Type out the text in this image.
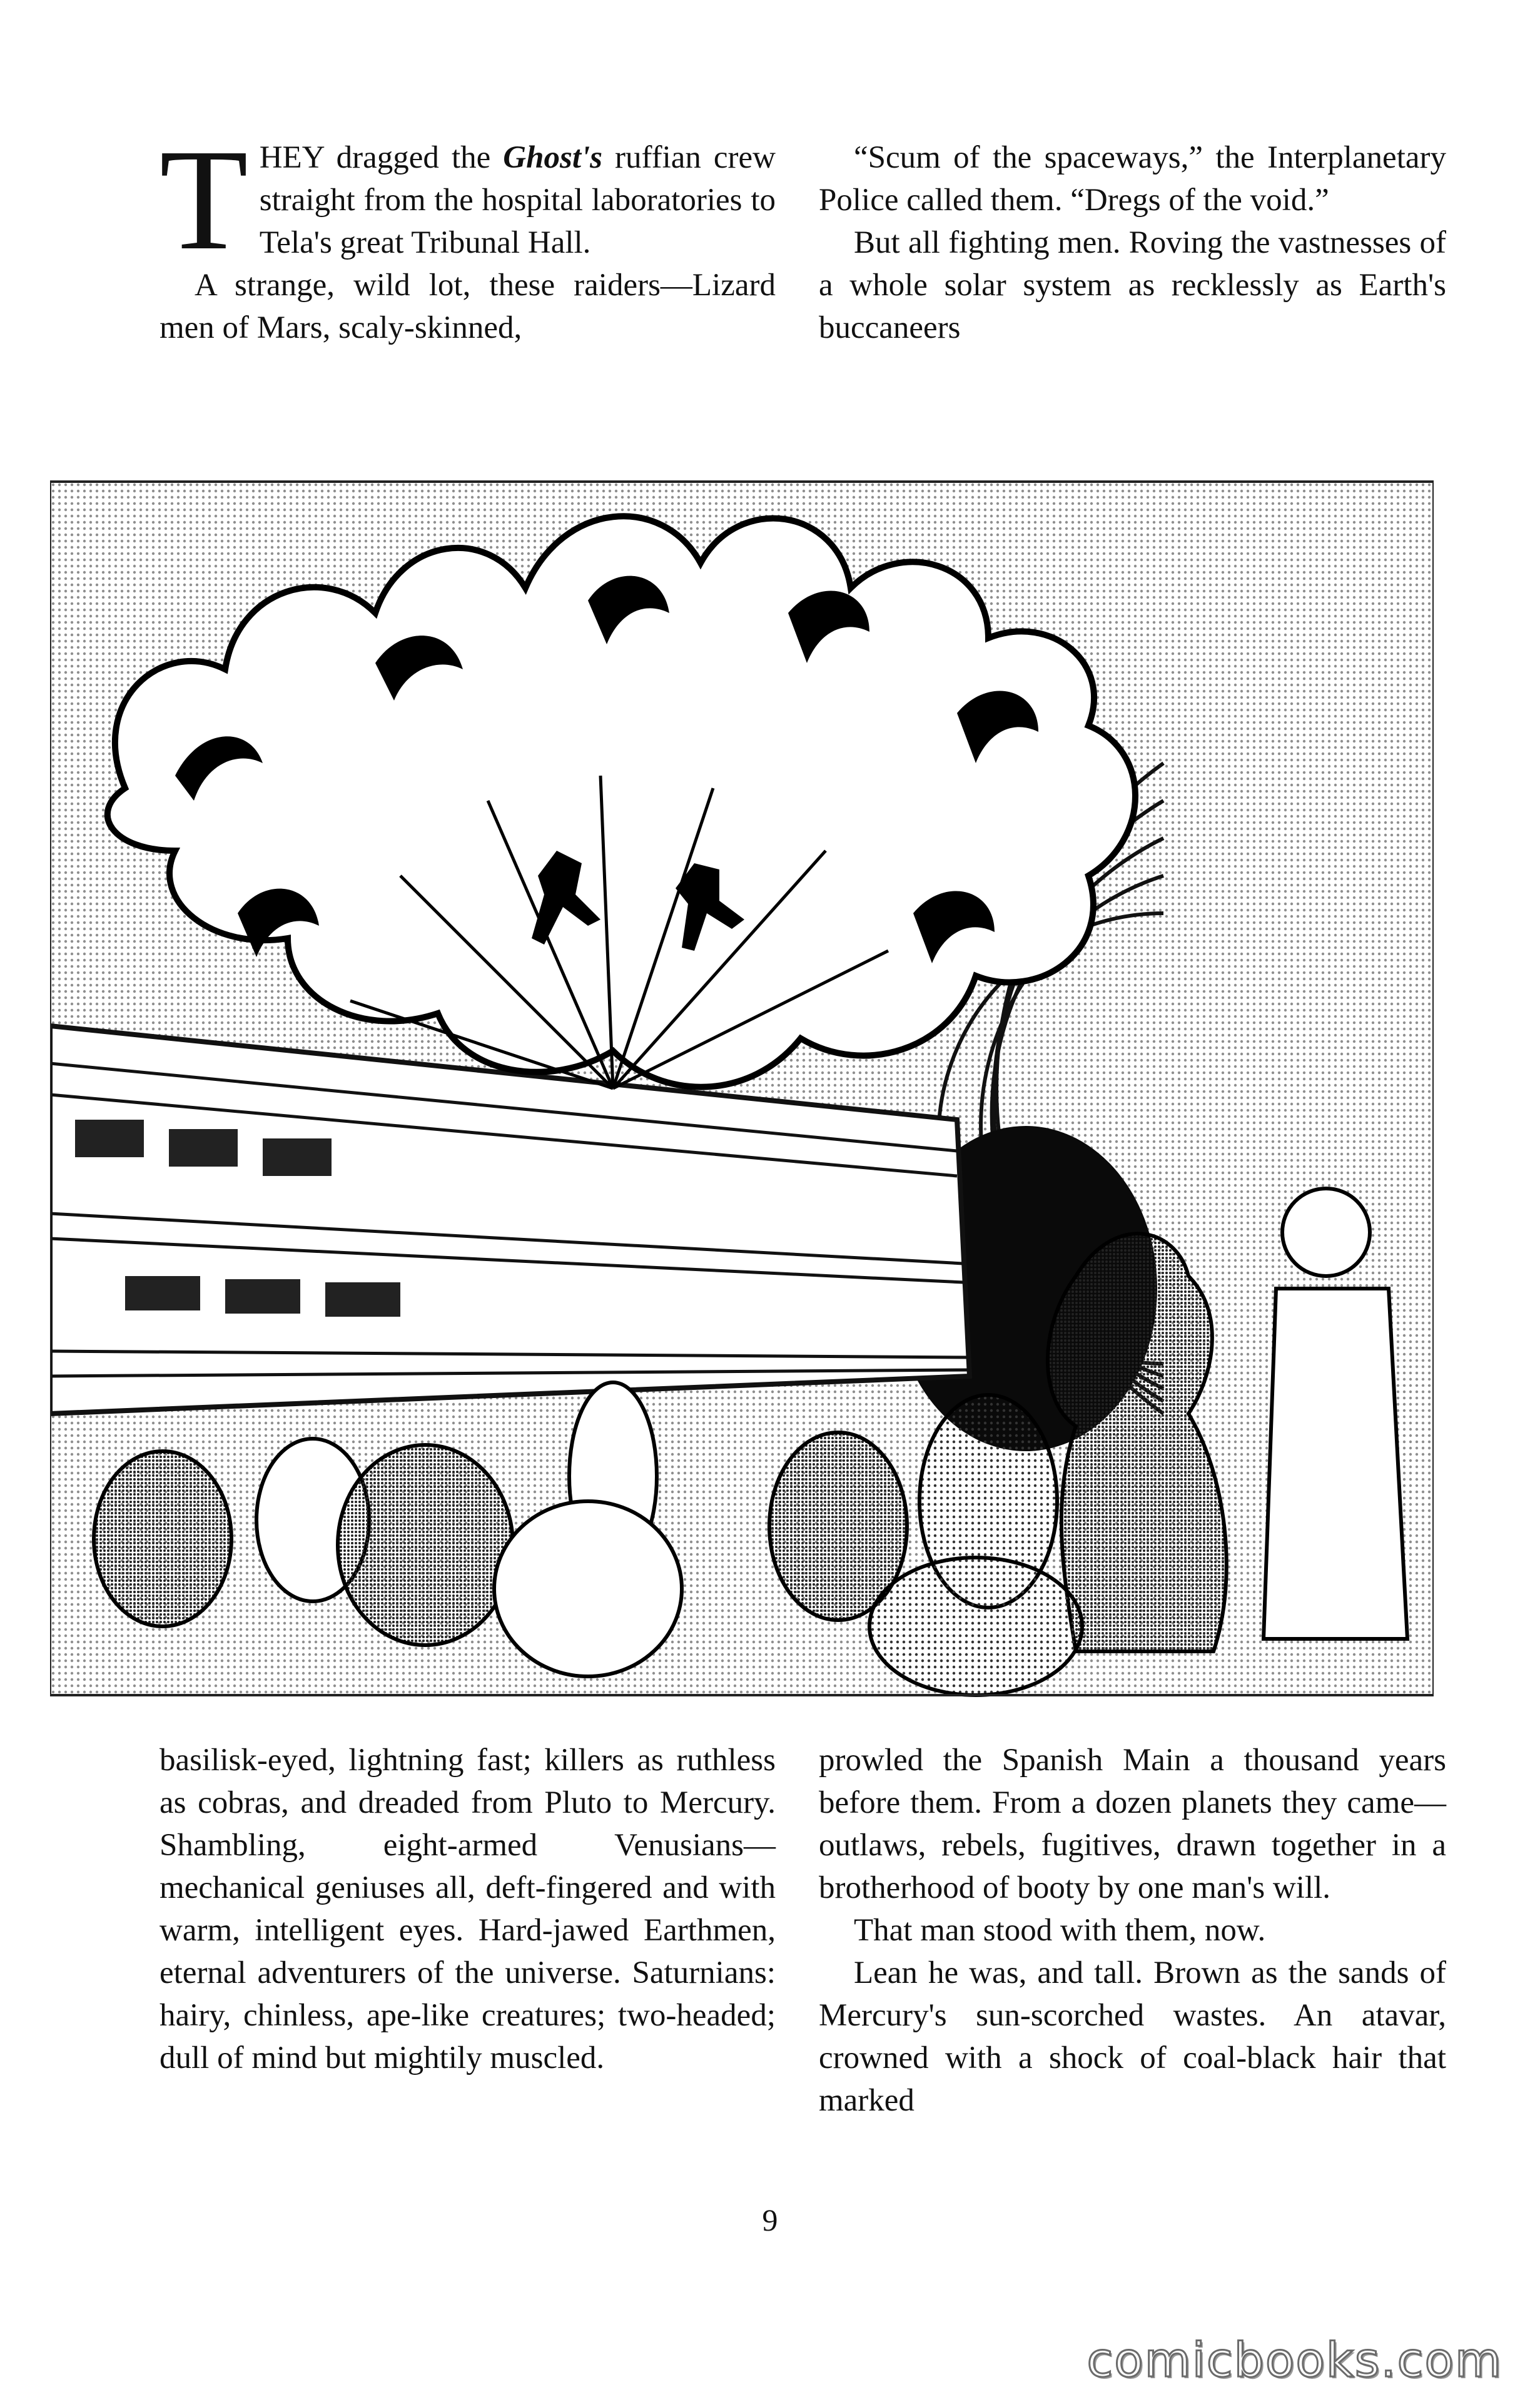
THEY dragged the Ghost's ruffian crew straight from the hospital laboratories to Tela's great Tribunal Hall.

A strange, wild lot, these raiders—Lizard men of Mars, scaly-skinned,

“Scum of the spaceways,” the Interplanetary Police called them. “Dregs of the void.”

But all fighting men. Roving the vastnesses of a whole solar system as recklessly as Earth's buccaneers

basilisk-eyed, lightning fast; killers as ruthless as cobras, and dreaded from Pluto to Mercury. Shambling, eight-armed Venusians—mechanical geniuses all, deft-fingered and with warm, intelligent eyes. Hard-jawed Earthmen, eternal adventurers of the universe. Saturnians: hairy, chinless, ape-like creatures; two-headed; dull of mind but mightily muscled.

prowled the Spanish Main a thousand years before them. From a dozen planets they came—outlaws, rebels, fugitives, drawn together in a brotherhood of booty by one man's will.

That man stood with them, now.

Lean he was, and tall. Brown as the sands of Mercury's sun-scorched wastes. An atavar, crowned with a shock of coal-black hair that marked

9
comicbooks.com
